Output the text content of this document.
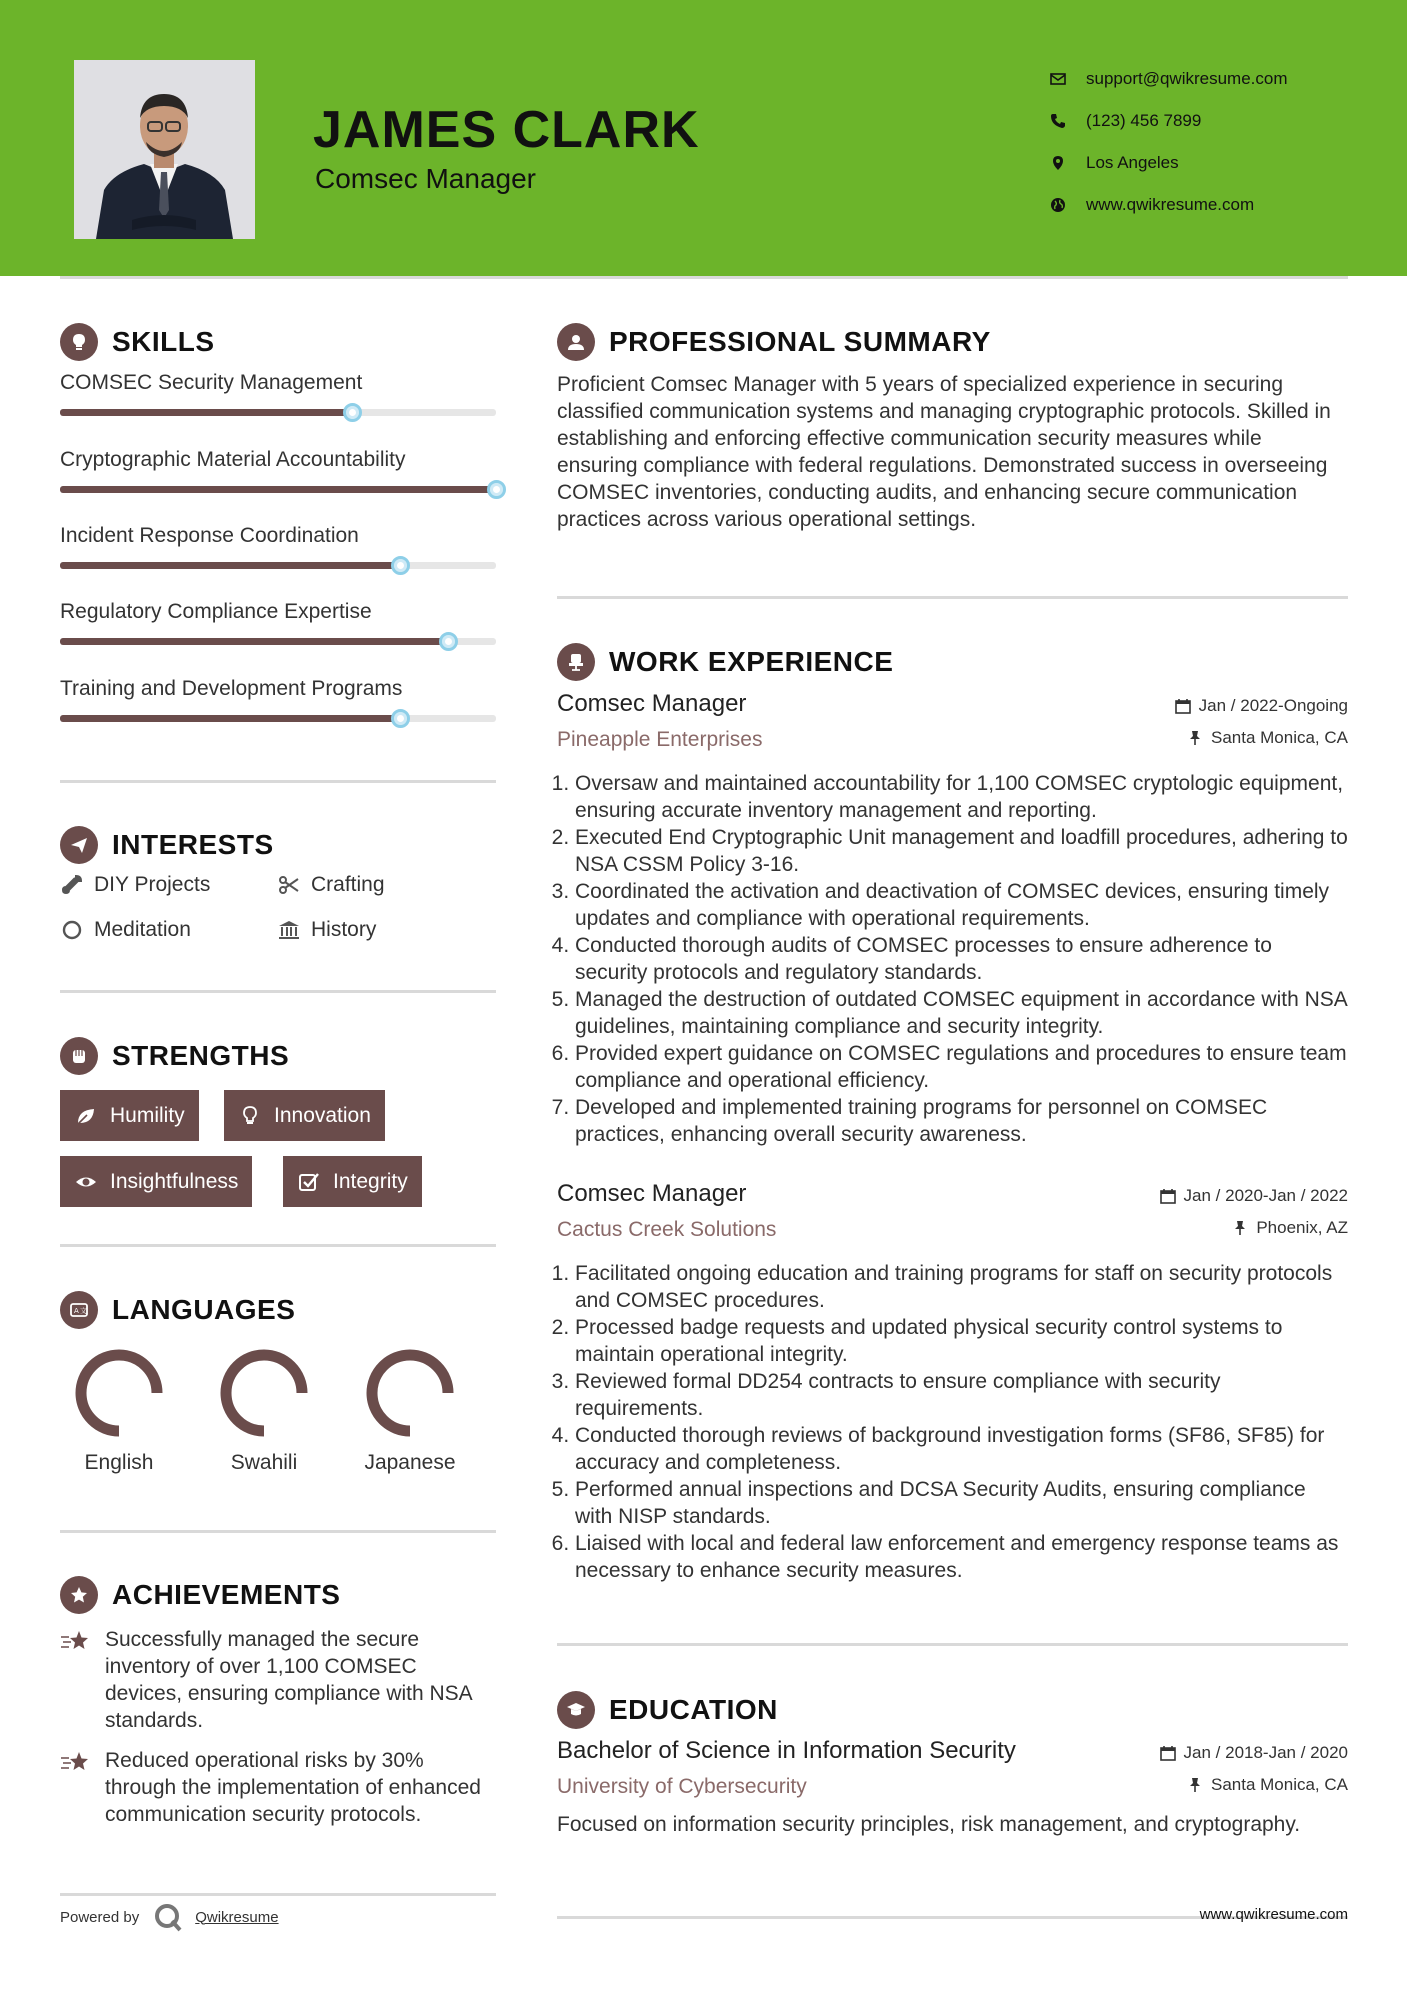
JAMES CLARK
Comsec Manager
support@qwikresume.com
(123) 456 7899
Los Angeles
www.qwikresume.com
SKILLS
COMSEC Security Management
Cryptographic Material Accountability
Incident Response Coordination
Regulatory Compliance Expertise
Training and Development Programs
INTERESTS
DIY Projects	Crafting
Meditation	History
STRENGTHS
Humility	Innovation
Insightfulness	Integrity
A 文 LANGUAGES
English	Swahili	Japanese
ACHIEVEMENTS
Successfully managed the secure inventory of over 1,100 COMSEC devices, ensuring compliance with NSA standards.
Reduced operational risks by 30% through the implementation of enhanced communication security protocols.
Powered by	Qwikresume
PROFESSIONAL SUMMARY
Proficient Comsec Manager with 5 years of specialized experience in securing classified communication systems and managing cryptographic protocols. Skilled in establishing and enforcing effective communication security measures while ensuring compliance with federal regulations. Demonstrated success in overseeing COMSEC inventories, conducting audits, and enhancing secure communication practices across various operational settings.
WORK EXPERIENCE
Comsec Manager
Pineapple Enterprises
Jan / 2022-Ongoing
Santa Monica, CA
1. Oversaw and maintained accountability for 1,100 COMSEC cryptologic equipment, ensuring accurate inventory management and reporting.
2. Executed End Cryptographic Unit management and loadfill procedures, adhering to NSA CSSM Policy 3-16.
3. Coordinated the activation and deactivation of COMSEC devices, ensuring timely updates and compliance with operational requirements.
4. Conducted thorough audits of COMSEC processes to ensure adherence to security protocols and regulatory standards.
5. Managed the destruction of outdated COMSEC equipment in accordance with NSA guidelines, maintaining compliance and security integrity.
6. Provided expert guidance on COMSEC regulations and procedures to ensure team compliance and operational efficiency.
7. Developed and implemented training programs for personnel on COMSEC practices, enhancing overall security awareness.
Comsec Manager
Cactus Creek Solutions
Jan / 2020-Jan / 2022
Phoenix, AZ
1. Facilitated ongoing education and training programs for staff on security protocols and COMSEC procedures.
2. Processed badge requests and updated physical security control systems to maintain operational integrity.
3. Reviewed formal DD254 contracts to ensure compliance with security requirements.
4. Conducted thorough reviews of background investigation forms (SF86, SF85) for accuracy and completeness.
5. Performed annual inspections and DCSA Security Audits, ensuring compliance with NISP standards.
6. Liaised with local and federal law enforcement and emergency response teams as necessary to enhance security measures.
EDUCATION
Bachelor of Science in Information Security
University of Cybersecurity
Jan / 2018-Jan / 2020
Santa Monica, CA
Focused on information security principles, risk management, and cryptography.
www.qwikresume.com
